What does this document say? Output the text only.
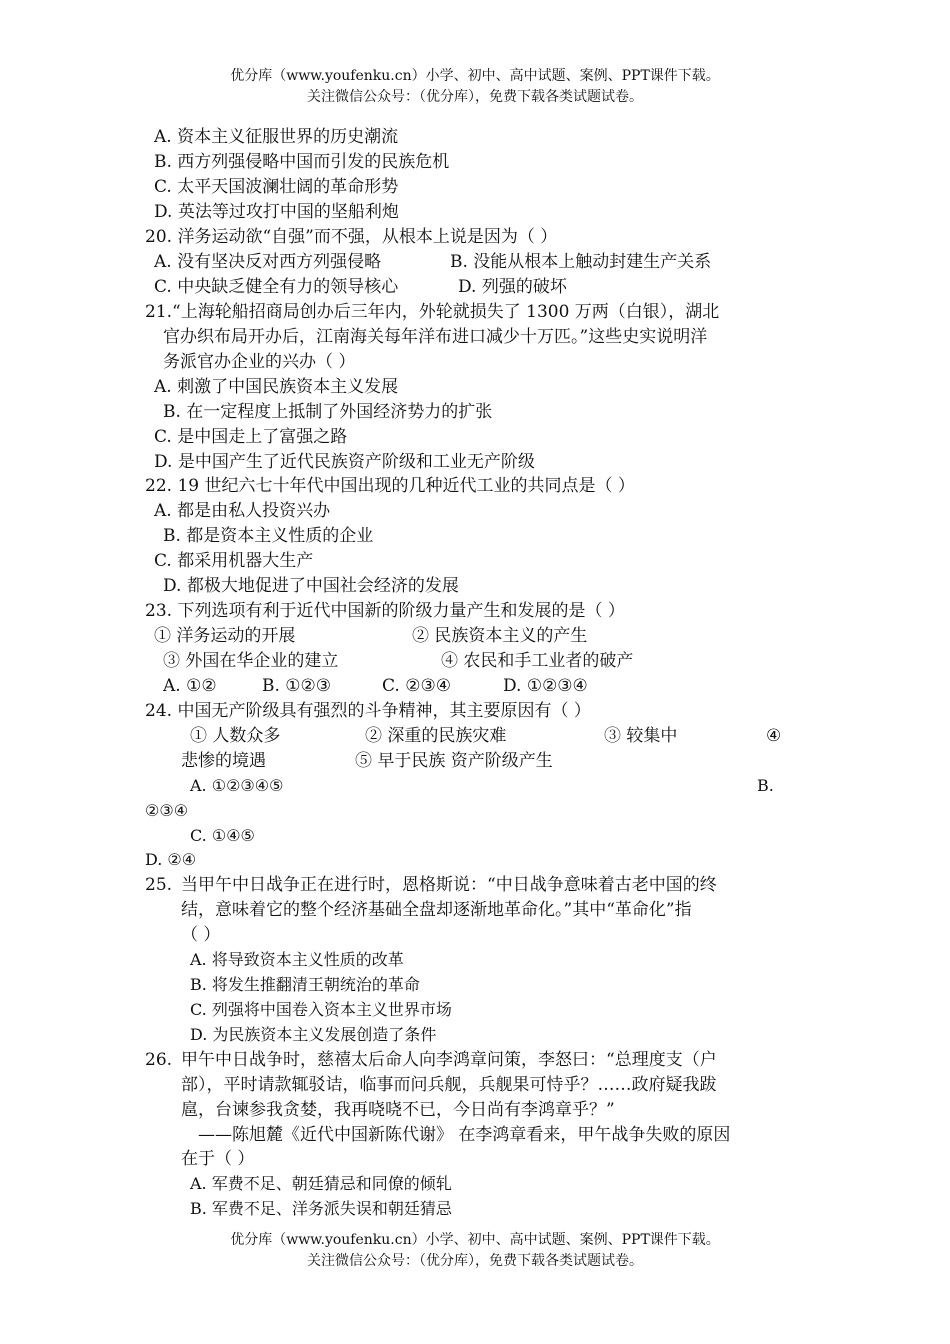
优分库（www.youfenku.cn）小学、初中、高中试题、案例、PPT课件下载。
关注微信公众号：（优分库），免费下载各类试题试卷。
A. 资本主义征服世界的历史潮流
B. 西方列强侵略中国而引发的民族危机
C. 太平天国波澜壮阔的革命形势
D. 英法等过攻打中国的坚船利炮
20. 洋务运动欲“自强”而不强，从根本上说是因为（ ）
A. 没有坚决反对西方列强侵略	B. 没能从根本上触动封建生产关系
C. 中央缺乏健全有力的领导核心	D. 列强的破坏
21.“上海轮船招商局创办后三年内，外轮就损失了 1300 万两（白银），湖北
官办织布局开办后，江南海关每年洋布进口减少十万匹。”这些史实说明洋
务派官办企业的兴办（ ）
A. 刺激了中国民族资本主义发展
B. 在一定程度上抵制了外国经济势力的扩张
C. 是中国走上了富强之路
D. 是中国产生了近代民族资产阶级和工业无产阶级
22. 19 世纪六七十年代中国出现的几种近代工业的共同点是（ ）
A. 都是由私人投资兴办
B. 都是资本主义性质的企业
C. 都采用机器大生产
D. 都极大地促进了中国社会经济的发展
23. 下列选项有利于近代中国新的阶级力量产生和发展的是（ ）
① 洋务运动的开展	② 民族资本主义的产生
③ 外国在华企业的建立	④ 农民和手工业者的破产
A. ①②	B. ①②③	C. ②③④	D. ①②③④
24. 中国无产阶级具有强烈的斗争精神，其主要原因有（ ）
① 人数众多	② 深重的民族灾难	③ 较集中	④
悲惨的境遇	⑤ 早于民族 资产阶级产生
A. ①②③④⑤	B.
②③④
C. ①④⑤
D. ②④
25. 当甲午中日战争正在进行时，恩格斯说：“中日战争意味着古老中国的终
结，意味着它的整个经济基础全盘却逐渐地革命化。”其中“革命化”指
（ ）
A. 将导致资本主义性质的改革
B. 将发生推翻清王朝统治的革命
C. 列强将中国卷入资本主义世界市场
D. 为民族资本主义发展创造了条件
26. 甲午中日战争时，慈禧太后命人向李鸿章问策，李怒曰：“总理度支（户
部），平时请款辄驳诘，临事而问兵舰，兵舰果可恃乎？……政府疑我跋
扈，台谏参我贪婪，我再哓哓不已，今日尚有李鸿章乎？”
——陈旭麓《近代中国新陈代谢》 在李鸿章看来，甲午战争失败的原因
在于（ ）
A. 军费不足、朝廷猜忌和同僚的倾轧
B. 军费不足、洋务派失误和朝廷猜忌
优分库（www.youfenku.cn）小学、初中、高中试题、案例、PPT课件下载。
关注微信公众号：（优分库），免费下载各类试题试卷。
